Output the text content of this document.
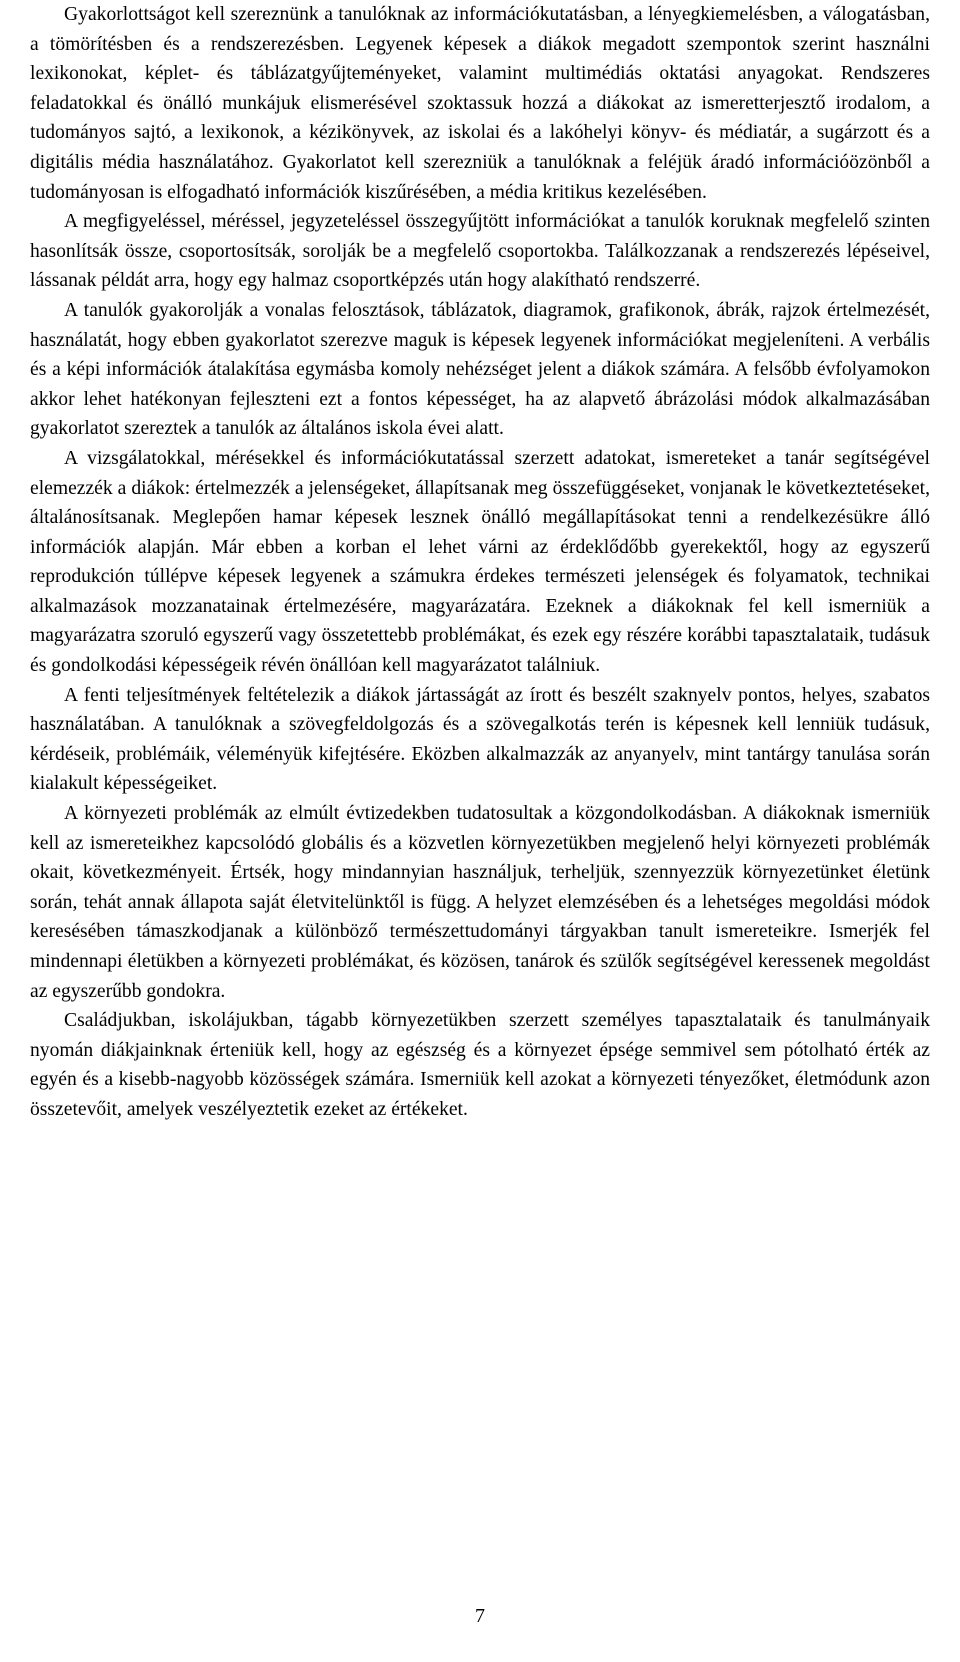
Gyakorlottságot kell szereznünk a tanulóknak az információkutatásban, a lényegkiemelésben, a válogatásban, a tömörítésben és a rendszerezésben. Legyenek képesek a diákok megadott szempontok szerint használni lexikonokat, képlet- és táblázatgyűjteményeket, valamint multimédiás oktatási anyagokat. Rendszeres feladatokkal és önálló munkájuk elismerésével szoktassuk hozzá a diákokat az ismeretterjesztő irodalom, a tudományos sajtó, a lexikonok, a kézikönyvek, az iskolai és a lakóhelyi könyv- és médiatár, a sugárzott és a digitális média használatához. Gyakorlatot kell szerezniük a tanulóknak a feléjük áradó információözönből a tudományosan is elfogadható információk kiszűrésében, a média kritikus kezelésében.

A megfigyeléssel, méréssel, jegyzeteléssel összegyűjtött információkat a tanulók koruknak megfelelő szinten hasonlítsák össze, csoportosítsák, sorolják be a megfelelő csoportokba. Találkozzanak a rendszerezés lépéseivel, lássanak példát arra, hogy egy halmaz csoportképzés után hogy alakítható rendszerré.

A tanulók gyakorolják a vonalas felosztások, táblázatok, diagramok, grafikonok, ábrák, rajzok értelmezését, használatát, hogy ebben gyakorlatot szerezve maguk is képesek legyenek információkat megjeleníteni. A verbális és a képi információk átalakítása egymásba komoly nehézséget jelent a diákok számára. A felsőbb évfolyamokon akkor lehet hatékonyan fejleszteni ezt a fontos képességet, ha az alapvető ábrázolási módok alkalmazásában gyakorlatot szereztek a tanulók az általános iskola évei alatt.

A vizsgálatokkal, mérésekkel és információkutatással szerzett adatokat, ismereteket a tanár segítségével elemezzék a diákok: értelmezzék a jelenségeket, állapítsanak meg összefüggéseket, vonjanak le következtetéseket, általánosítsanak. Meglepően hamar képesek lesznek önálló megállapításokat tenni a rendelkezésükre álló információk alapján. Már ebben a korban el lehet várni az érdeklődőbb gyerekektől, hogy az egyszerű reprodukción túllépve képesek legyenek a számukra érdekes természeti jelenségek és folyamatok, technikai alkalmazások mozzanatainak értelmezésére, magyarázatára. Ezeknek a diákoknak fel kell ismerniük a magyarázatra szoruló egyszerű vagy összetettebb problémákat, és ezek egy részére korábbi tapasztalataik, tudásuk és gondolkodási képességeik révén önállóan kell magyarázatot találniuk.

A fenti teljesítmények feltételezik a diákok jártasságát az írott és beszélt szaknyelv pontos, helyes, szabatos használatában. A tanulóknak a szövegfeldolgozás és a szövegalkotás terén is képesnek kell lenniük tudásuk, kérdéseik, problémáik, véleményük kifejtésére. Eközben alkalmazzák az anyanyelv, mint tantárgy tanulása során kialakult képességeiket.

A környezeti problémák az elmúlt évtizedekben tudatosultak a közgondolkodásban. A diákoknak ismerniük kell az ismereteikhez kapcsolódó globális és a közvetlen környezetükben megjelenő helyi környezeti problémák okait, következményeit. Értsék, hogy mindannyian használjuk, terheljük, szennyezzük környezetünket életünk során, tehát annak állapota saját életvitelünktől is függ. A helyzet elemzésében és a lehetséges megoldási módok keresésében támaszkodjanak a különböző természettudományi tárgyakban tanult ismereteikre. Ismerjék fel mindennapi életükben a környezeti problémákat, és közösen, tanárok és szülők segítségével keressenek megoldást az egyszerűbb gondokra.

Családjukban, iskolájukban, tágabb környezetükben szerzett személyes tapasztalataik és tanulmányaik nyomán diákjainknak érteniük kell, hogy az egészség és a környezet épsége semmivel sem pótolható érték az egyén és a kisebb-nagyobb közösségek számára. Ismerniük kell azokat a környezeti tényezőket, életmódunk azon összetevőit, amelyek veszélyeztetik ezeket az értékeket.

7
